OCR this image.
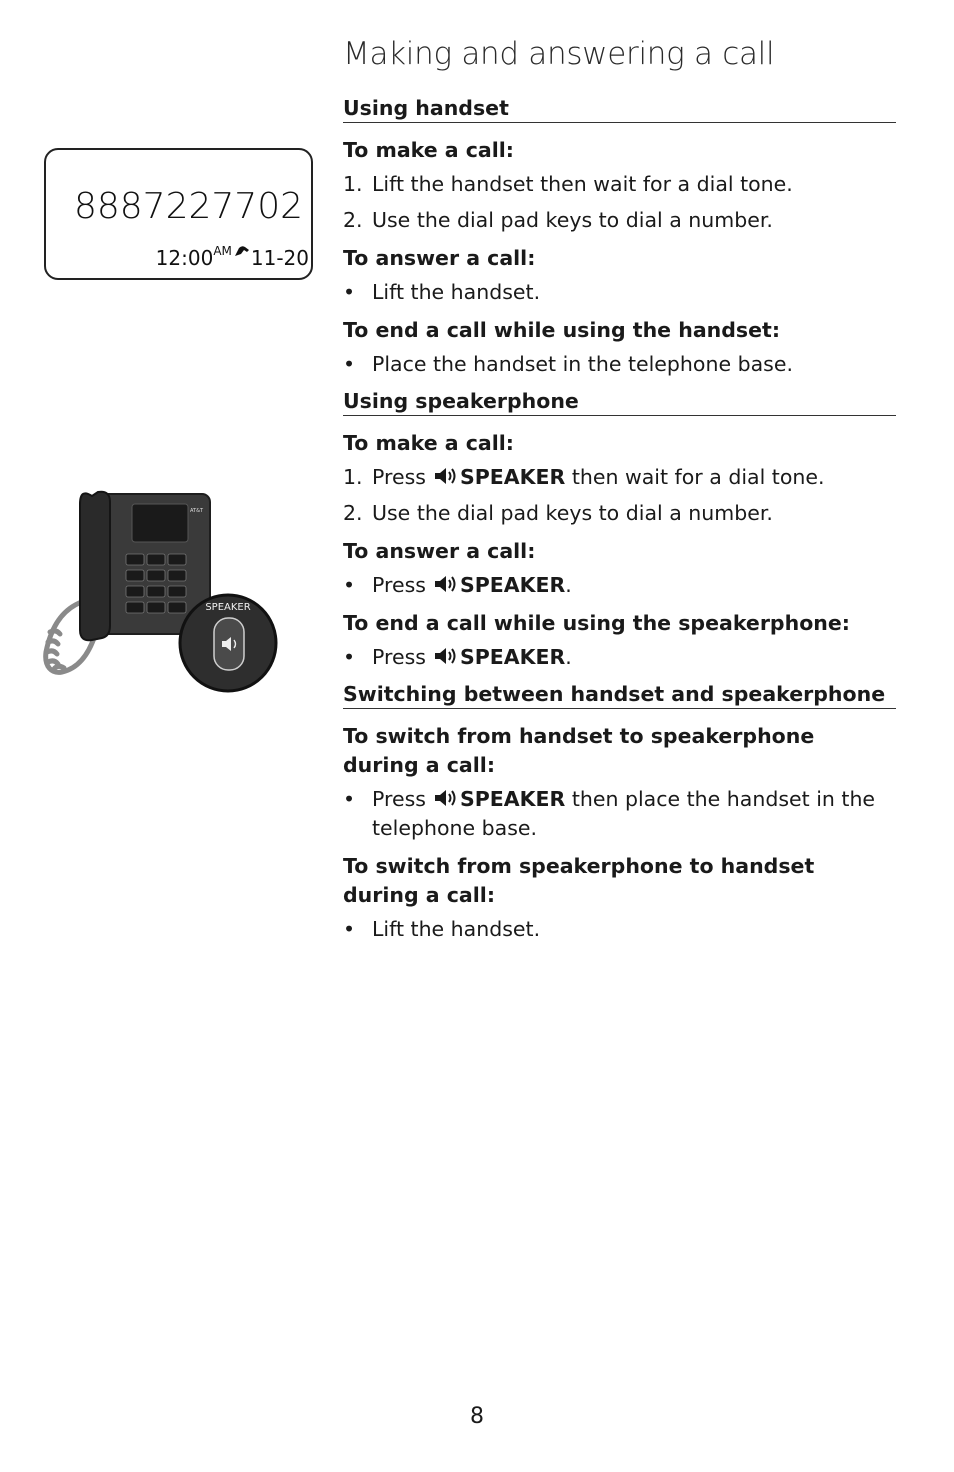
Making and answering a call
8887227702
12:00 AM 11-20
AT&T
SPEAKER
Using handset
To make a call:
1. Lift the handset then wait for a dial tone.
2. Use the dial pad keys to dial a number.
To answer a call:
• Lift the handset.
To end a call while using the handset:
• Place the handset in the telephone base.
Using speakerphone
To make a call:
1. Press SPEAKER then wait for a dial tone.
2. Use the dial pad keys to dial a number.
To answer a call:
• Press SPEAKER.
To end a call while using the speakerphone:
• Press SPEAKER.
Switching between handset and speakerphone
To switch from handset to speakerphone during a call:
• Press SPEAKER then place the handset in the telephone base.
To switch from speakerphone to handset during a call:
• Lift the handset.
8
